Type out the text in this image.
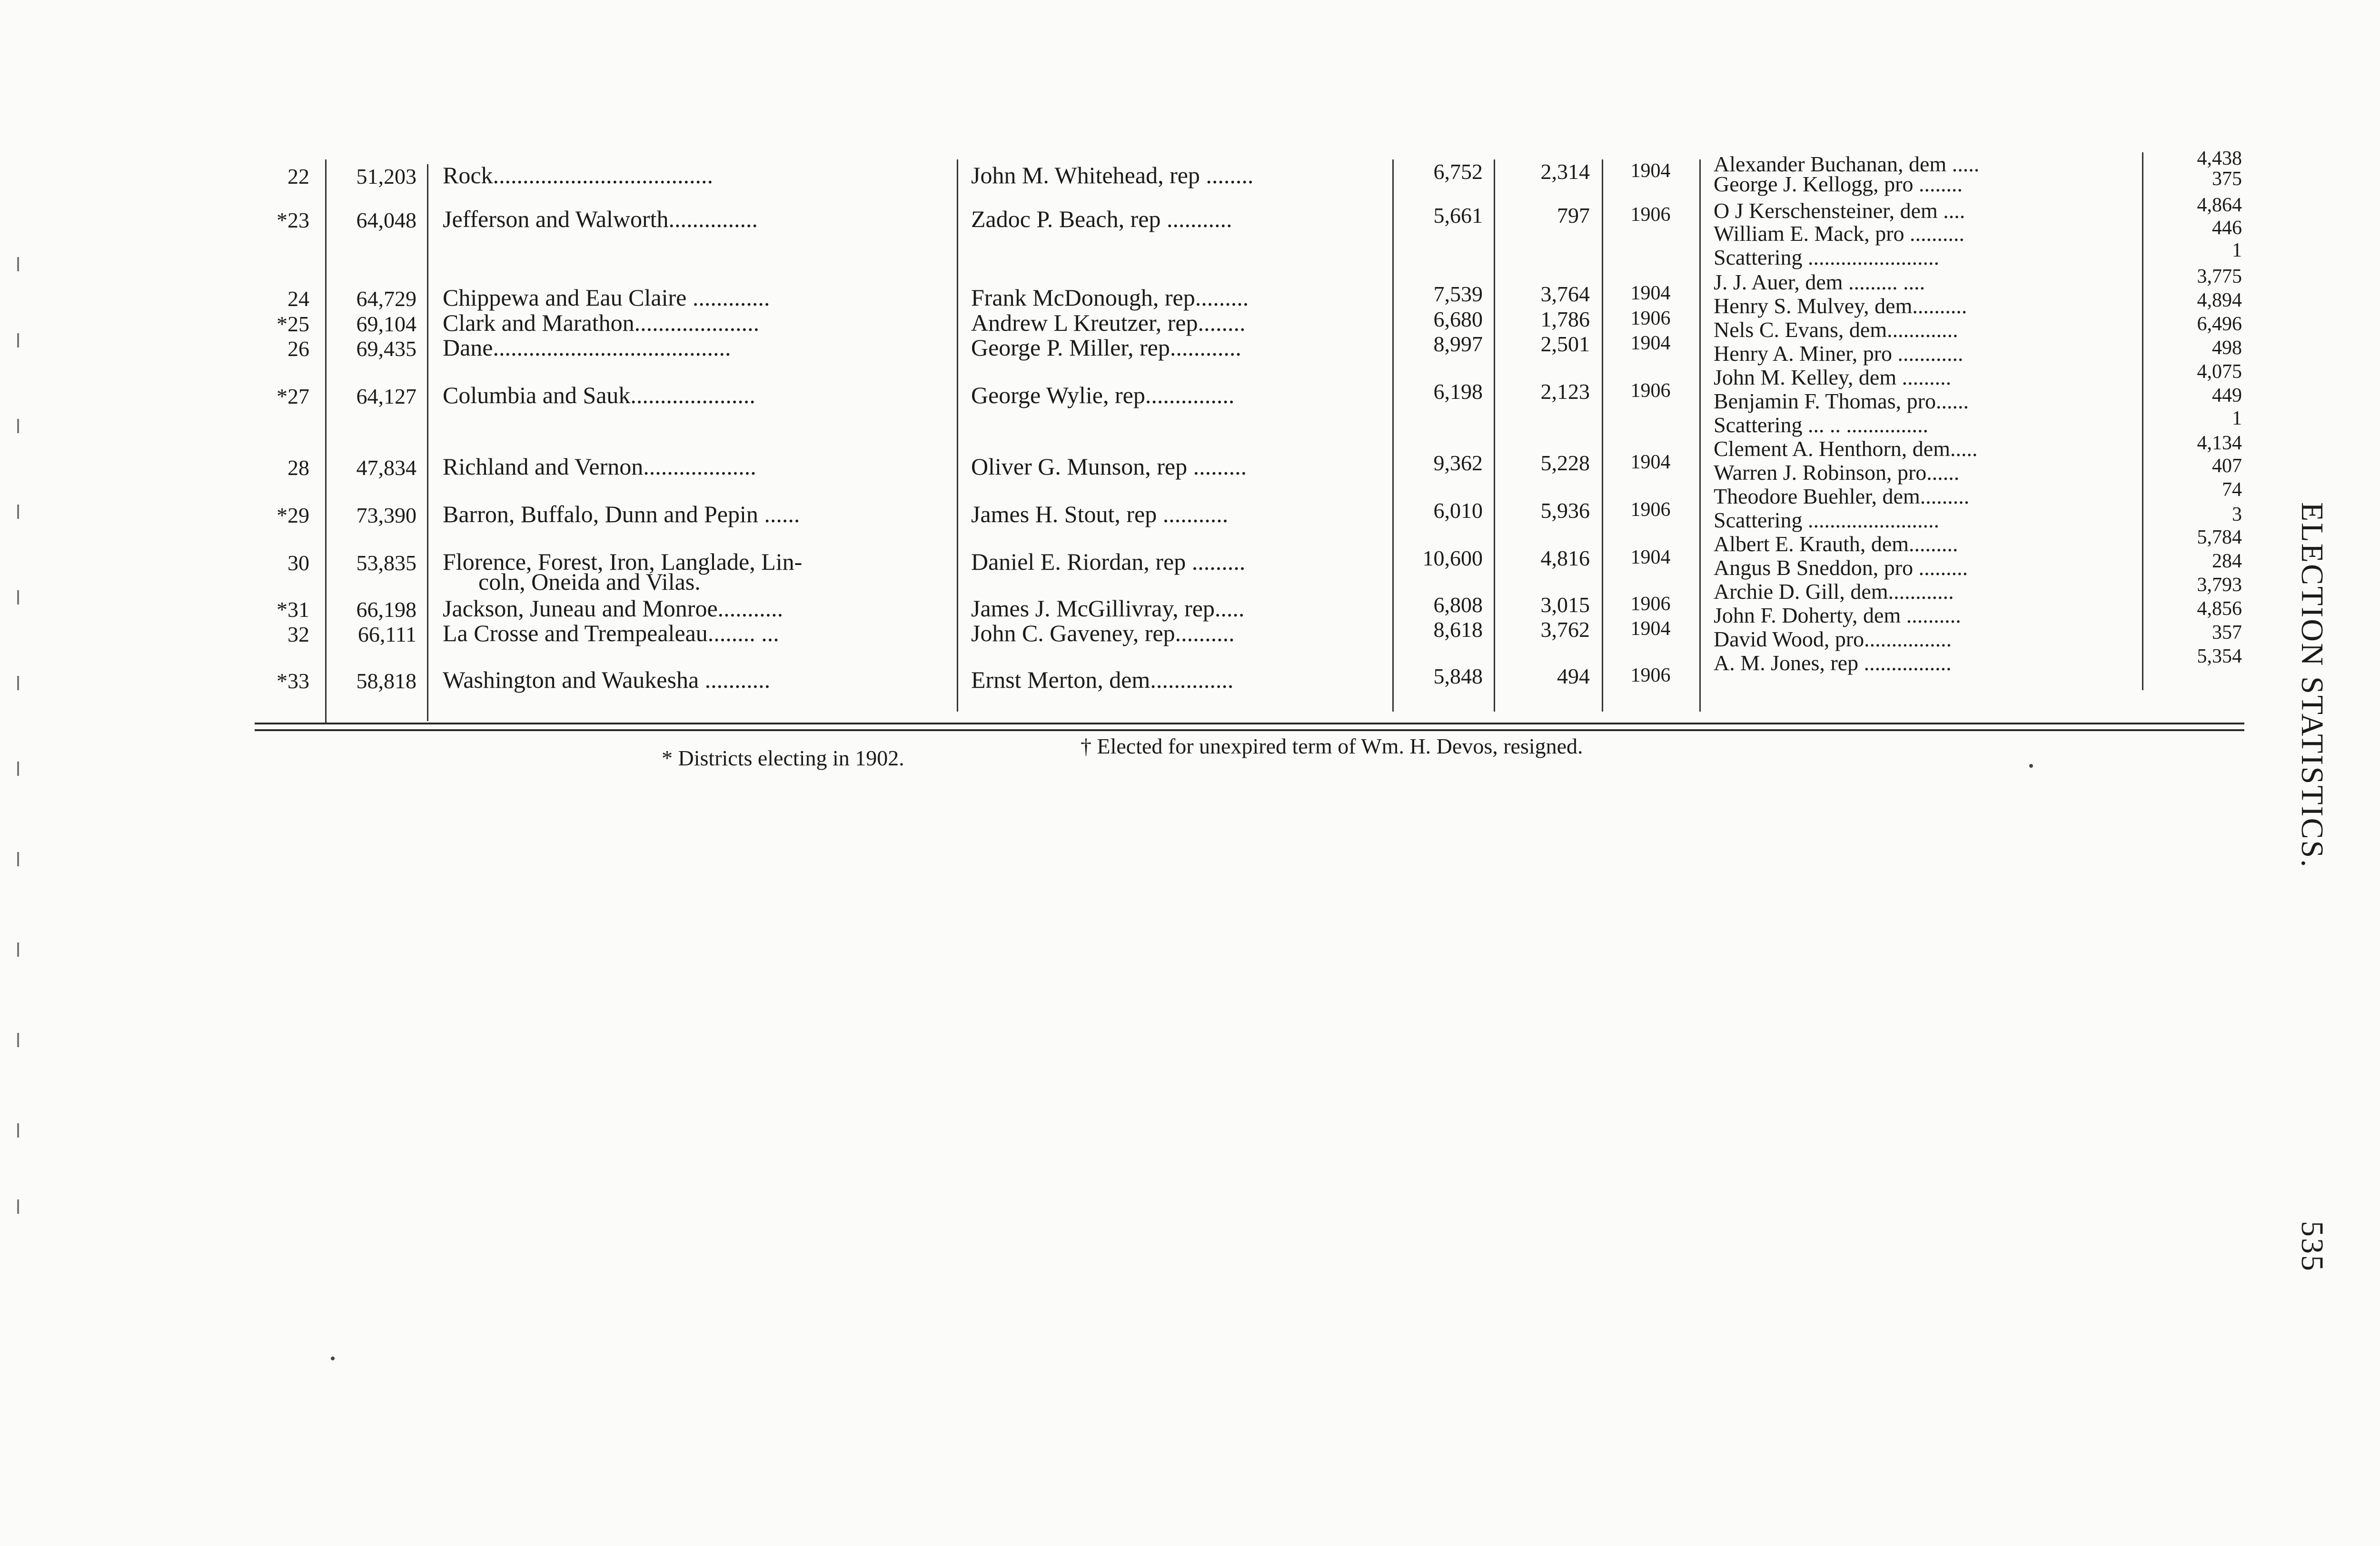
22	51,203 Rock.....................................	John M. Whitehead, rep ........	6,752	2,314	1904	Alexander Buchanan, dem .....	4,438
George J. Kellogg, pro ........	375
*23	64,048 Jefferson and Walworth...............	Zadoc P. Beach, rep ...........	5,661	797	1906	O J Kerschensteiner, dem ....	4,864
William E. Mack, pro ..........	446
Scattering ........................	1
24	64,729 Chippewa and Eau Claire .............	Frank McDonough, rep.........	7,539	3,764	1904	J. J. Auer, dem ......... ....	3,775
*25	69,104 Clark and Marathon.....................	Andrew L Kreutzer, rep........	6,680	1,786	1906
Henry S. Mulvey, dem..........	4,894
26	69,435 Dane........................................	George P. Miller, rep............	8,997	2,501	1904
Nels C. Evans, dem.............	6,496
Henry A. Miner, pro ............	498
*27	64,127 Columbia and Sauk.....................	George Wylie, rep...............	6,198	2,123	1906
John M. Kelley, dem .........	4,075
Benjamin F. Thomas, pro......	449
Scattering ... .. ...............	1
28	47,834 Richland and Vernon...................	Oliver G. Munson, rep .........	9,362	5,228	1904
Clement A. Henthorn, dem.....	4,134
Warren J. Robinson, pro......	407
*29	73,390 Barron, Buffalo, Dunn and Pepin ......	James H. Stout, rep ...........	6,010	5,936	1906
Theodore Buehler, dem.........	74
Scattering ........................	3
30	53,835 Florence, Forest, Iron, Langlade, Lin-
coln, Oneida and Vilas.
Daniel E. Riordan, rep .........	10,600	4,816	1904
Albert E. Krauth, dem.........	5,784
Angus B Sneddon, pro .........	284
*31	66,198 Jackson, Juneau and Monroe...........	James J. McGillivray, rep.....	6,808	3,015	1906
Archie D. Gill, dem............	3,793
32	66,111 La Crosse and Trempealeau........ ...	John C. Gaveney, rep..........	8,618	3,762	1904
John F. Doherty, dem ..........	4,856
David Wood, pro................	357
*33	58,818 Washington and Waukesha ...........	Ernst Merton, dem..............	5,848	494	1906
A. M. Jones, rep ................	5,354
* Districts electing in 1902.	† Elected for unexpired term of Wm. H. Devos, resigned.	ELECTION STATISTICS.
535
